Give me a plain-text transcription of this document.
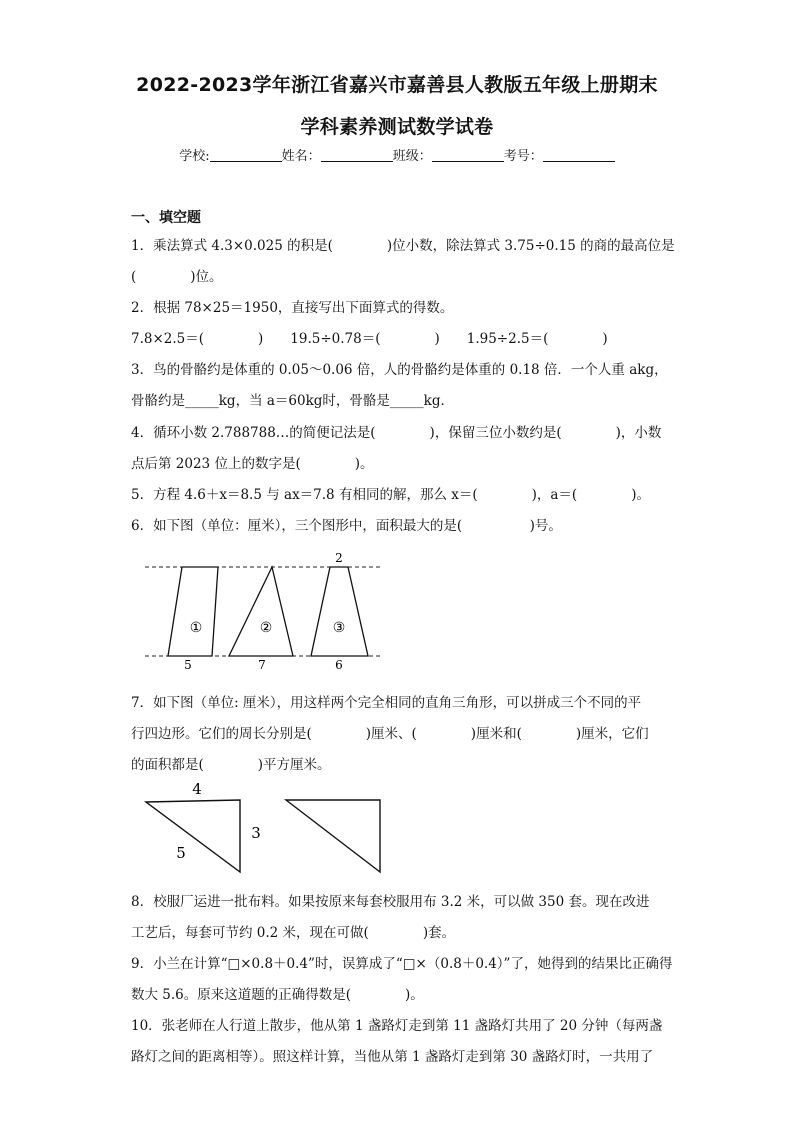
2022-2023学年浙江省嘉兴市嘉善县人教版五年级上册期末
学科素养测试数学试卷
学校:	姓名：	班级：	考号：
一、填空题
1．乘法算式 4.3×0.025 的积是(　　　　)位小数，除法算式 3.75÷0.15 的商的最高位是
(　　　　)位。
2．根据 78×25＝1950，直接写出下面算式的得数。
7.8×2.5＝(　　　　)　　19.5÷0.78＝(　　　　)　　1.95÷2.5＝(　　　　)
3．鸟的骨骼约是体重的 0.05～0.06 倍，人的骨骼约是体重的 0.18 倍．一个人重 akg，
骨骼约是_____kg，当 a＝60kg时，骨骼是_____kg．
4．循环小数 2.788788…的简便记法是(　　　　)，保留三位小数约是(　　　　)，小数
点后第 2023 位上的数字是(　　　　)。
5．方程 4.6＋x＝8.5 与 ax＝7.8 有相同的解，那么 x＝(　　　　)，a＝(　　　　)。
6．如下图（单位：厘米），三个图形中，面积最大的是(　　　　　)号。
①	②	③
5	7	6
2
7．如下图（单位: 厘米），用这样两个完全相同的直角三角形，可以拼成三个不同的平
行四边形。它们的周长分别是(　　　　)厘米、(　　　　)厘米和(　　　　)厘米，它们
的面积都是(　　　　)平方厘米。
4
3
5
8．校服厂运进一批布料。如果按原来每套校服用布 3.2 米，可以做 350 套。现在改进
工艺后，每套可节约 0.2 米，现在可做(　　　　)套。
9．小兰在计算“□×0.8＋0.4”时，误算成了“□×（0.8＋0.4）”了，她得到的结果比正确得
数大 5.6。原来这道题的正确得数是(　　　　)。
10．张老师在人行道上散步，他从第 1 盏路灯走到第 11 盏路灯共用了 20 分钟（每两盏
路灯之间的距离相等）。照这样计算，当他从第 1 盏路灯走到第 30 盏路灯时，一共用了
